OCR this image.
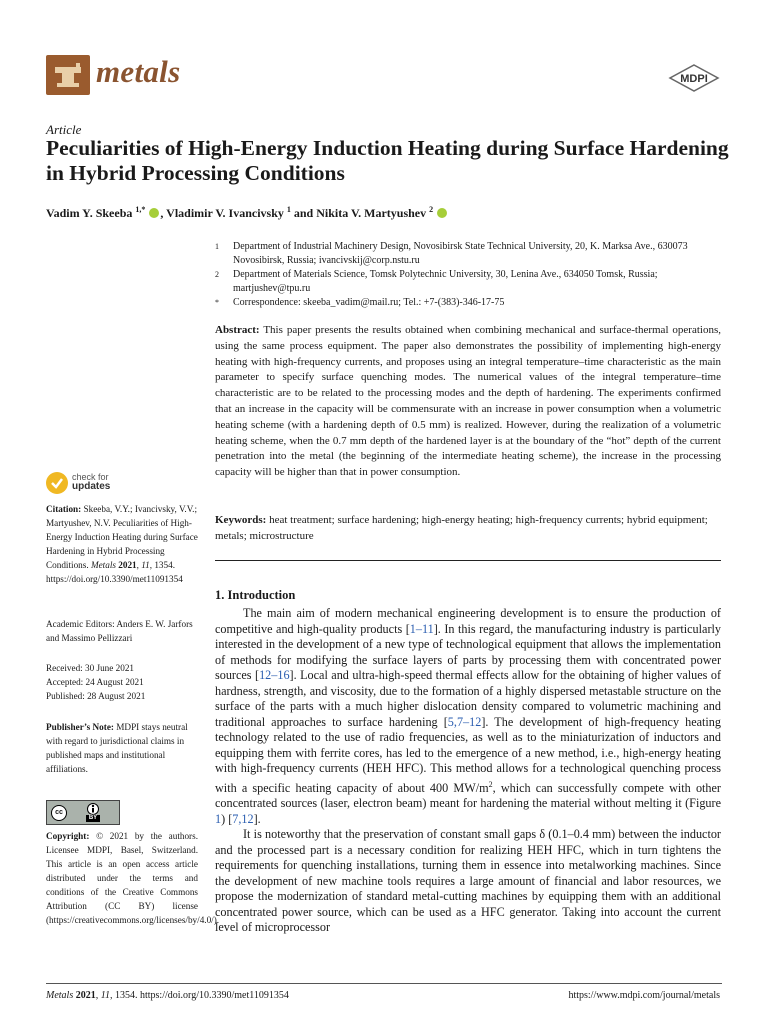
metals	MDPI
Article
Peculiarities of High-Energy Induction Heating during Surface Hardening in Hybrid Processing Conditions
Vadim Y. Skeeba $^{1,*}$ , Vladimir V. Ivancivsky $^1$ and Nikita V. Martyushev $^2$
1	Department of Industrial Machinery Design, Novosibirsk State Technical University, 20, K. Marksa Ave., 630073 Novosibirsk, Russia; ivancivskij@corp.nstu.ru
2	Department of Materials Science, Tomsk Polytechnic University, 30, Lenina Ave., 634050 Tomsk, Russia; martjushev@tpu.ru
*	Correspondence: skeeba_vadim@mail.ru; Tel.: +7-(383)-346-17-75
Abstract: This paper presents the results obtained when combining mechanical and surface-thermal operations, using the same process equipment. The paper also demonstrates the possibility of implementing high-energy heating with high-frequency currents, and proposes using an integral temperature–time characteristic as the main parameter to specify surface quenching modes. The numerical values of the integral temperature–time characteristic are to be related to the processing modes and the depth of hardening. The experiments confirmed that an increase in the capacity will be commensurate with an increase in power consumption when a volumetric heating scheme (with a hardening depth of 0.5 mm) is realized. However, during the realization of a volumetric heating scheme, when the 0.7 mm depth of the hardened layer is at the boundary of the “hot” depth of the current penetration into the metal (the beginning of the intermediate heating scheme), the increase in the processing capacity will be higher than that in power consumption.
Keywords: heat treatment; surface hardening; high-energy heating; high-frequency currents; hybrid equipment; metals; microstructure
1. Introduction

The main aim of modern mechanical engineering development is to ensure the production of competitive and high-quality products [1–11]. In this regard, the manufacturing industry is particularly interested in the development of a new type of technological equipment that allows the implementation of methods for modifying the surface layers of parts by processing them with concentrated power sources [12–16]. Local and ultra-high-speed thermal effects allow for the obtaining of higher values of hardness, strength, and viscosity, due to the formation of a highly dispersed metastable structure on the surface of the parts with a much higher dislocation density compared to volumetric machining and traditional approaches to surface hardening [5,7–12]. The development of high-frequency heating technology related to the use of radio frequencies, as well as to the miniaturization of inductors and equipping them with ferrite cores, has led to the emergence of a new method, i.e., high-energy heating with high-frequency currents (HEH HFC). This method allows for a technological quenching process with a specific heating capacity of about 400 $MW/m^2$, which can successfully compete with other concentrated sources (laser, electron beam) meant for hardening the material without melting it (Figure 1) [7,12].

It is noteworthy that the preservation of constant small gaps δ (0.1–0.4 mm) between the inductor and the processed part is a necessary condition for realizing HEH HFC, which in turn tightens the requirements for quenching installations, turning them in essence into metalworking machines. Since the development of new machine tools requires a large amount of financial and labor resources, we propose the modernization of standard metal-cutting machines by equipping them with an additional concentrated power source, which can be used as a HFC generator. Taking into account the current level of microprocessor

check for
updates
Citation: Skeeba, V.Y.; Ivancivsky, V.V.; Martyushev, N.V. Peculiarities of High-Energy Induction Heating during Surface Hardening in Hybrid Processing Conditions. Metals 2021, 11, 1354. https://doi.org/10.3390/met11091354
Academic Editors: Anders E. W. Jarfors and Massimo Pellizzari
Received: 30 June 2021
Accepted: 24 August 2021
Published: 28 August 2021
Publisher’s Note: MDPI stays neutral with regard to jurisdictional claims in published maps and institutional affiliations.
cc
BY
Copyright: © 2021 by the authors. Licensee MDPI, Basel, Switzerland. This article is an open access article distributed under the terms and conditions of the Creative Commons Attribution (CC BY) license (https://creativecommons.org/licenses/by/4.0/).
Metals 2021, 11, 1354. https://doi.org/10.3390/met11091354	https://www.mdpi.com/journal/metals
